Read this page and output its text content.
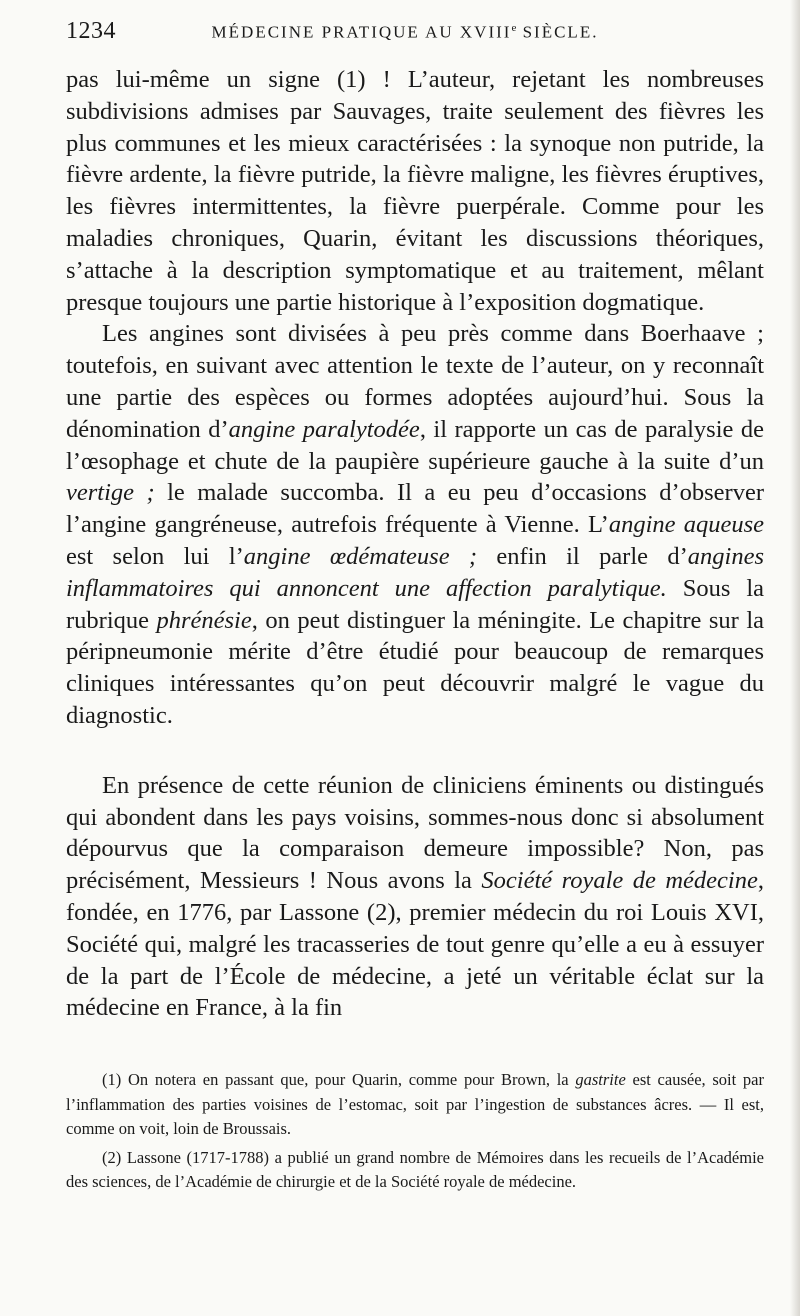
1234	MÉDECINE PRATIQUE AU XVIIIe SIÈCLE.

pas lui-même un signe (1) ! L’auteur, rejetant les nombreuses subdivisions admises par Sauvages, traite seulement des fièvres les plus communes et les mieux caractérisées : la synoque non putride, la fièvre ardente, la fièvre putride, la fièvre maligne, les fièvres éruptives, les fièvres intermittentes, la fièvre puerpérale. Comme pour les maladies chroniques, Quarin, évitant les discussions théoriques, s’attache à la description symptomatique et au traitement, mêlant presque toujours une partie historique à l’exposition dogmatique.

Les angines sont divisées à peu près comme dans Boerhaave ; toutefois, en suivant avec attention le texte de l’auteur, on y reconnaît une partie des espèces ou formes adoptées aujourd’hui. Sous la dénomination d’angine paralytodée, il rapporte un cas de paralysie de l’œsophage et chute de la paupière supérieure gauche à la suite d’un vertige ; le malade succomba. Il a eu peu d’occasions d’observer l’angine gangréneuse, autrefois fréquente à Vienne. L’angine aqueuse est selon lui l’angine œdémateuse ; enfin il parle d’angines inflammatoires qui annoncent une affection paralytique. Sous la rubrique phrénésie, on peut distinguer la méningite. Le chapitre sur la péripneumonie mérite d’être étudié pour beaucoup de remarques cliniques intéressantes qu’on peut découvrir malgré le vague du diagnostic.

En présence de cette réunion de cliniciens éminents ou distingués qui abondent dans les pays voisins, sommes-nous donc si absolument dépourvus que la comparaison demeure impossible? Non, pas précisément, Messieurs ! Nous avons la Société royale de médecine, fondée, en 1776, par Lassone (2), premier médecin du roi Louis XVI, Société qui, malgré les tracasseries de tout genre qu’elle a eu à essuyer de la part de l’École de médecine, a jeté un véritable éclat sur la médecine en France, à la fin

(1) On notera en passant que, pour Quarin, comme pour Brown, la gastrite est causée, soit par l’inflammation des parties voisines de l’estomac, soit par l’ingestion de substances âcres. — Il est, comme on voit, loin de Broussais.

(2) Lassone (1717-1788) a publié un grand nombre de Mémoires dans les recueils de l’Académie des sciences, de l’Académie de chirurgie et de la Société royale de médecine.
